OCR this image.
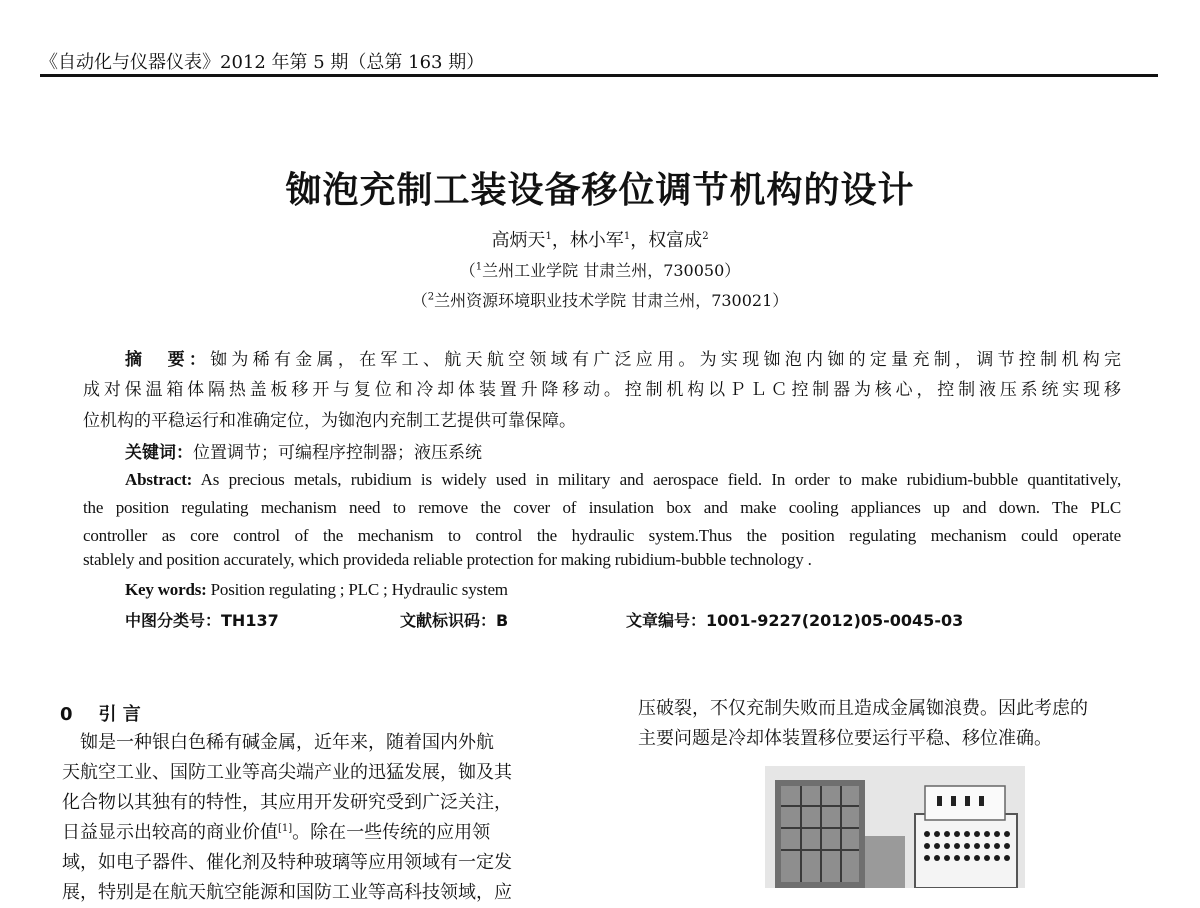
《自动化与仪器仪表》2012 年第 5 期（总第 163 期）
铷泡充制工装设备移位调节机构的设计
高炳天$^1$，林小军$^1$，权富成$^2$
（$^1$兰州工业学院 甘肃兰州，730050）
（$^2$兰州资源环境职业技术学院 甘肃兰州，730021）
摘　要：铷为稀有金属，在军工、航天航空领域有广泛应用。为实现铷泡内铷的定量充制，调节控制机构完
成对保温箱体隔热盖板移开与复位和冷却体装置升降移动。控制机构以ＰＬＣ控制器为核心，控制液压系统实现移
位机构的平稳运行和准确定位，为铷泡内充制工艺提供可靠保障。
关键词：位置调节；可编程序控制器；液压系统
Abstract: As precious metals, rubidium is widely used in military and aerospace field. In order to make rubidium-bubble quantitatively,
the position regulating mechanism need to remove the cover of insulation box and make cooling appliances up and down. The PLC
controller as core control of the mechanism to control the hydraulic system.Thus the position regulating mechanism could operate
stablely and position accurately, which provideda reliable protection for making rubidium-bubble technology .
Key words: Position regulating ; PLC ; Hydraulic system
中图分类号：TH137	文献标识码：B	文章编号：1001-9227(2012)05-0045-03
0 引 言
　铷是一种银白色稀有碱金属，近年来，随着国内外航
天航空工业、国防工业等高尖端产业的迅猛发展，铷及其
化合物以其独有的特性，其应用开发研究受到广泛关注，
日益显示出较高的商业价值[1]。除在一些传统的应用领
域，如电子器件、催化剂及特种玻璃等应用领域有一定发
展，特别是在航天航空能源和国防工业等高科技领域，应
压破裂，不仅充制失败而且造成金属铷浪费。因此考虑的
主要问题是冷却体装置移位要运行平稳、移位准确。
